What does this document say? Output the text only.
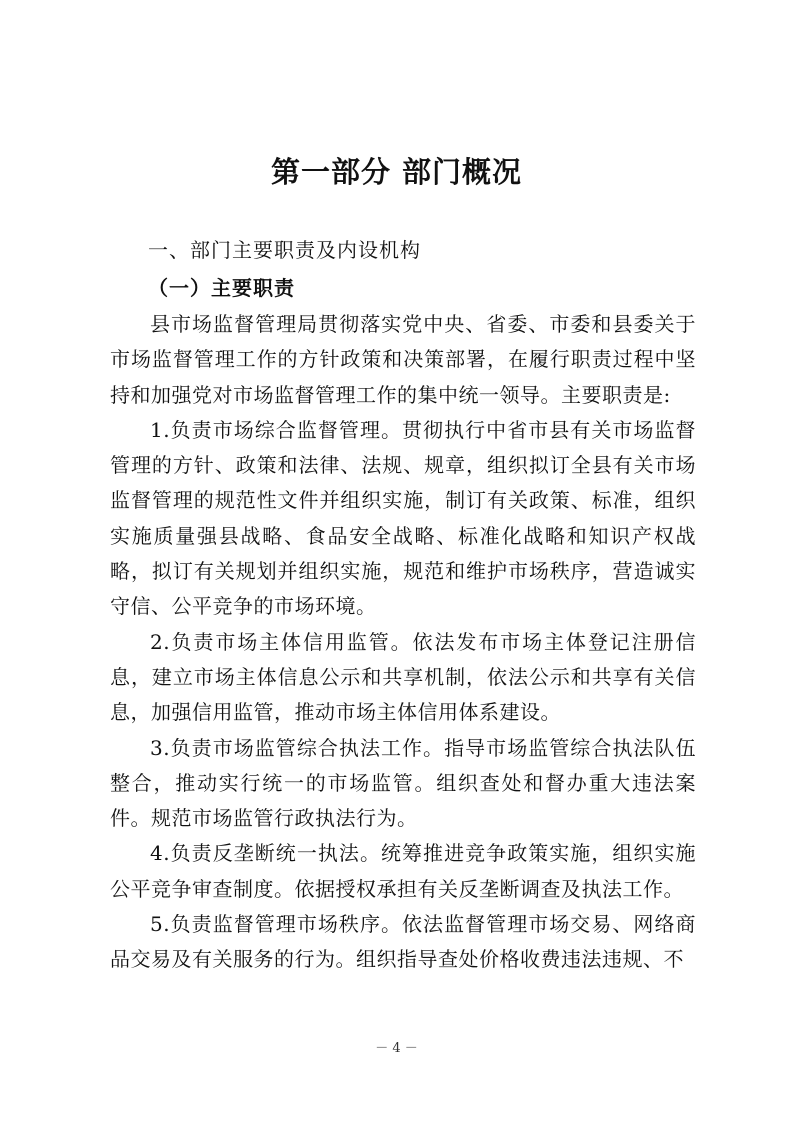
第一部分 部门概况
一、部门主要职责及内设机构
（一）主要职责

县市场监督管理局贯彻落实党中央、省委、市委和县委关于市场监督管理工作的方针政策和决策部署，在履行职责过程中坚持和加强党对市场监督管理工作的集中统一领导。主要职责是:

1.负责市场综合监督管理。贯彻执行中省市县有关市场监督管理的方针、政策和法律、法规、规章，组织拟订全县有关市场监督管理的规范性文件并组织实施，制订有关政策、标准，组织实施质量强县战略、食品安全战略、标准化战略和知识产权战略，拟订有关规划并组织实施，规范和维护市场秩序，营造诚实守信、公平竞争的市场环境。

2.负责市场主体信用监管。依法发布市场主体登记注册信息，建立市场主体信息公示和共享机制，依法公示和共享有关信息，加强信用监管，推动市场主体信用体系建设。

3.负责市场监管综合执法工作。指导市场监管综合执法队伍整合，推动实行统一的市场监管。组织查处和督办重大违法案件。规范市场监管行政执法行为。

4.负责反垄断统一执法。统筹推进竞争政策实施，组织实施公平竞争审查制度。依据授权承担有关反垄断调查及执法工作。

5.负责监督管理市场秩序。依法监督管理市场交易、网络商品交易及有关服务的行为。组织指导查处价格收费违法违规、不

－ 4 －
